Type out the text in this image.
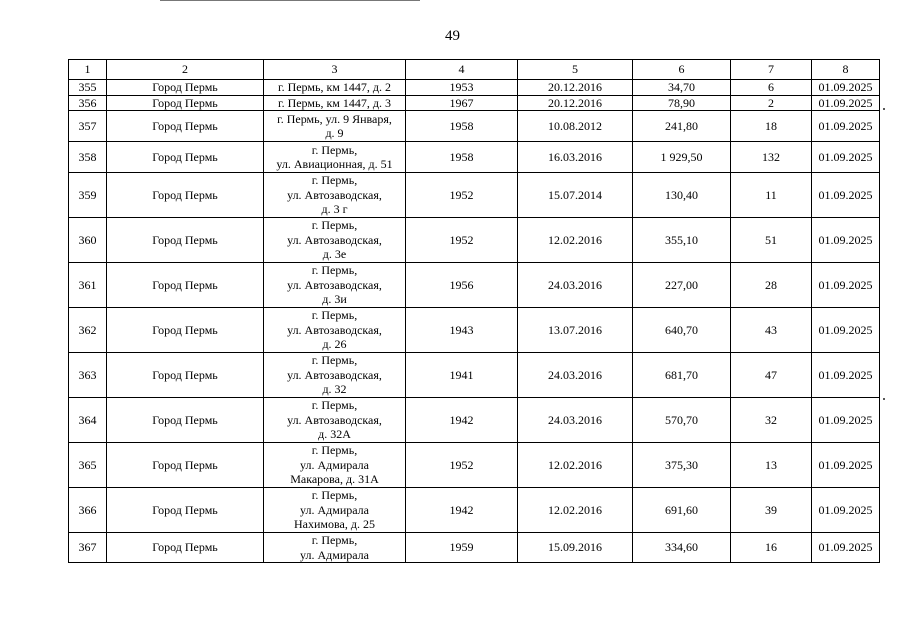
49
1	2	3	4	5	6	7	8
355	Город Пермь	г. Пермь, км 1447, д. 2	1953	20.12.2016	34,70	6	01.09.2025
356	Город Пермь	г. Пермь, км 1447, д. 3	1967	20.12.2016	78,90	2	01.09.2025
357	Город Пермь	г. Пермь, ул. 9 Января,
д. 9	1958	10.08.2012	241,80	18	01.09.2025
358	Город Пермь	г. Пермь,
ул. Авиационная, д. 51	1958	16.03.2016	1 929,50	132	01.09.2025
359	Город Пермь	г. Пермь,
ул. Автозаводская,
д. 3 г	1952	15.07.2014	130,40	11	01.09.2025
360	Город Пермь	г. Пермь,
ул. Автозаводская,
д. 3е	1952	12.02.2016	355,10	51	01.09.2025
361	Город Пермь	г. Пермь,
ул. Автозаводская,
д. 3и	1956	24.03.2016	227,00	28	01.09.2025
362	Город Пермь	г. Пермь,
ул. Автозаводская,
д. 26	1943	13.07.2016	640,70	43	01.09.2025
363	Город Пермь	г. Пермь,
ул. Автозаводская,
д. 32	1941	24.03.2016	681,70	47	01.09.2025
364	Город Пермь	г. Пермь,
ул. Автозаводская,
д. 32А	1942	24.03.2016	570,70	32	01.09.2025
365	Город Пермь	г. Пермь,
ул. Адмирала
Макарова, д. 31А	1952	12.02.2016	375,30	13	01.09.2025
366	Город Пермь	г. Пермь,
ул. Адмирала
Нахимова, д. 25	1942	12.02.2016	691,60	39	01.09.2025
367	Город Пермь	г. Пермь,
ул. Адмирала	1959	15.09.2016	334,60	16	01.09.2025
